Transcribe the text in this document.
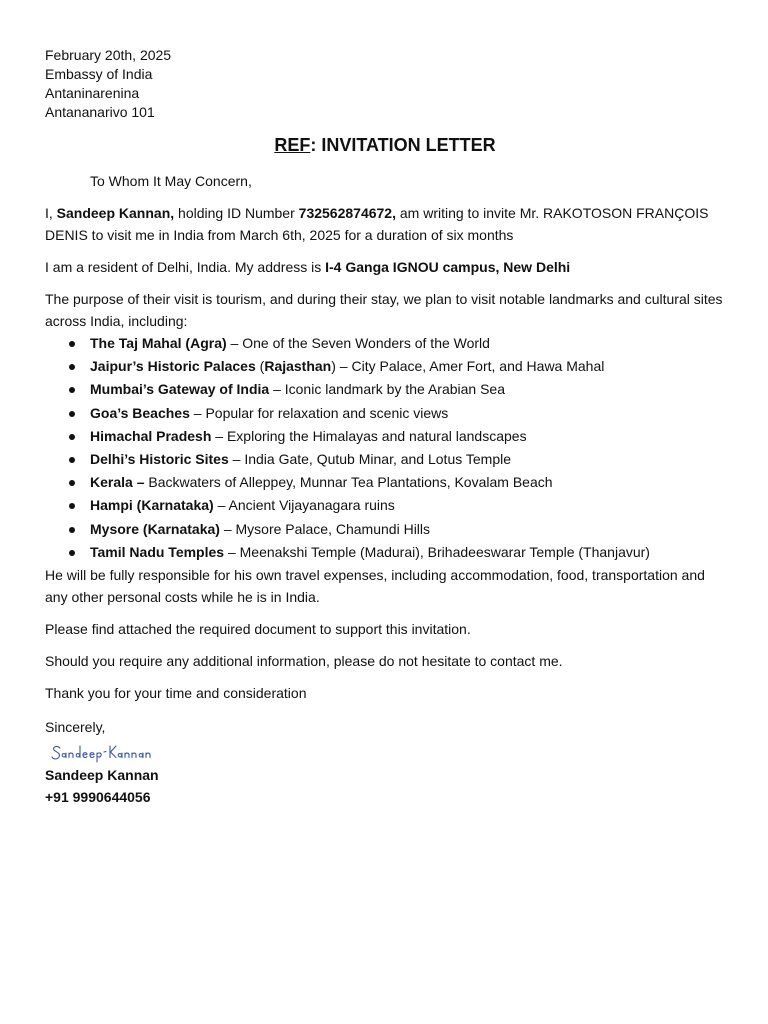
February 20th, 2025
Embassy of India
Antaninarenina
Antananarivo 101
REF: INVITATION LETTER
To Whom It May Concern,

I, Sandeep Kannan, holding ID Number 732562874672, am writing to invite Mr. RAKOTOSON FRANÇOIS DENIS to visit me in India from March 6th, 2025 for a duration of six months

I am a resident of Delhi, India. My address is I-4 Ganga IGNOU campus, New Delhi

The purpose of their visit is tourism, and during their stay, we plan to visit notable landmarks and cultural sites across India, including:

The Taj Mahal (Agra) – One of the Seven Wonders of the World
Jaipur’s Historic Palaces (Rajasthan) – City Palace, Amer Fort, and Hawa Mahal
Mumbai’s Gateway of India – Iconic landmark by the Arabian Sea
Goa’s Beaches – Popular for relaxation and scenic views
Himachal Pradesh – Exploring the Himalayas and natural landscapes
Delhi’s Historic Sites – India Gate, Qutub Minar, and Lotus Temple
Kerala – Backwaters of Alleppey, Munnar Tea Plantations, Kovalam Beach
Hampi (Karnataka) – Ancient Vijayanagara ruins
Mysore (Karnataka) – Mysore Palace, Chamundi Hills
Tamil Nadu Temples – Meenakshi Temple (Madurai), Brihadeeswarar Temple (Thanjavur)

He will be fully responsible for his own travel expenses, including accommodation, food, transportation and any other personal costs while he is in India.

Please find attached the required document to support this invitation.

Should you require any additional information, please do not hesitate to contact me.

Thank you for your time and consideration

Sincerely,

Sandeep Kannan
+91 9990644056
